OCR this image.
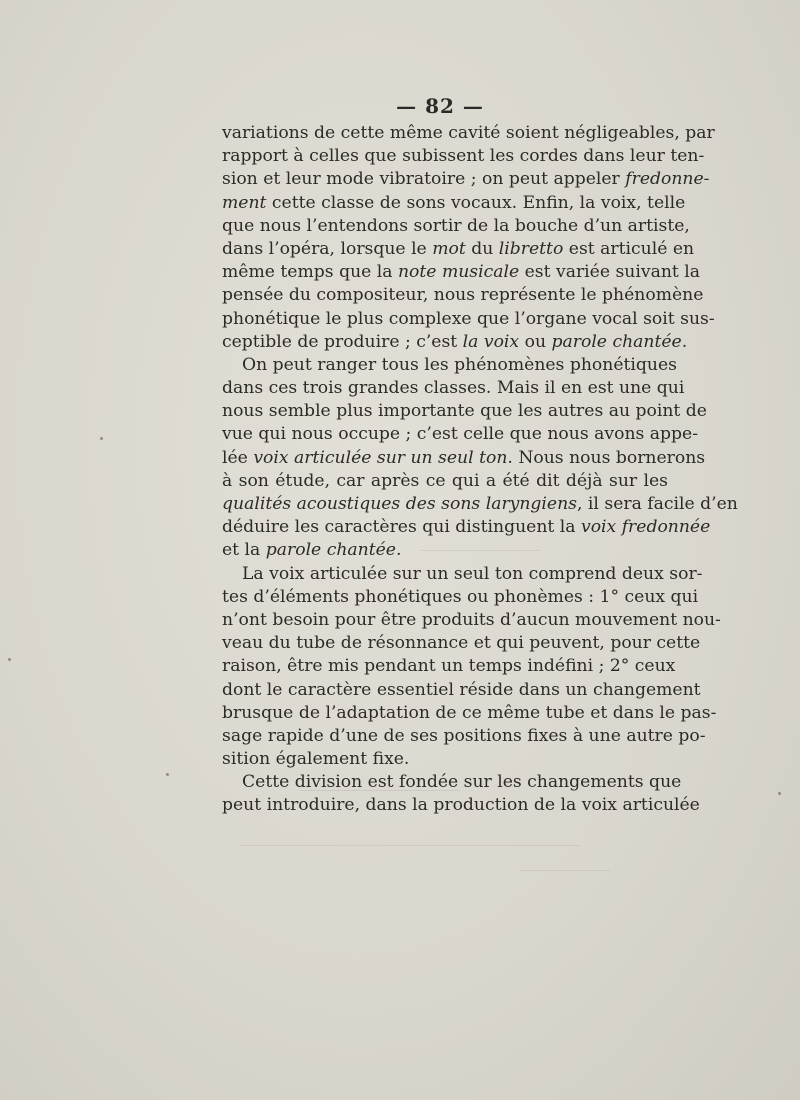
— 82 —
variations de cette même cavité soient négligeables, par
rapport à celles que subissent les cordes dans leur ten-
sion et leur mode vibratoire ; on peut appeler fredonne-
ment cette classe de sons vocaux. Enfin, la voix, telle
que nous l’entendons sortir de la bouche d’un artiste,
dans l’opéra, lorsque le mot du libretto est articulé en
même temps que la note musicale est variée suivant la
pensée du compositeur, nous représente le phénomène
phonétique le plus complexe que l’organe vocal soit sus-
ceptible de produire ; c’est la voix ou parole chantée.
On peut ranger tous les phénomènes phonétiques
dans ces trois grandes classes. Mais il en est une qui
nous semble plus importante que les autres au point de
vue qui nous occupe ; c’est celle que nous avons appe-
lée voix articulée sur un seul ton. Nous nous bornerons
à son étude, car après ce qui a été dit déjà sur les
qualités acoustiques des sons laryngiens, il sera facile d’en
déduire les caractères qui distinguent la voix fredonnée
et la parole chantée.
La voix articulée sur un seul ton comprend deux sor-
tes d’éléments phonétiques ou phonèmes : 1° ceux qui
n’ont besoin pour être produits d’aucun mouvement nou-
veau du tube de résonnance et qui peuvent, pour cette
raison, être mis pendant un temps indéfini ; 2° ceux
dont le caractère essentiel réside dans un changement
brusque de l’adaptation de ce même tube et dans le pas-
sage rapide d’une de ses positions fixes à une autre po-
sition également fixe.
Cette division est fondée sur les changements que
peut introduire, dans la production de la voix articulée
